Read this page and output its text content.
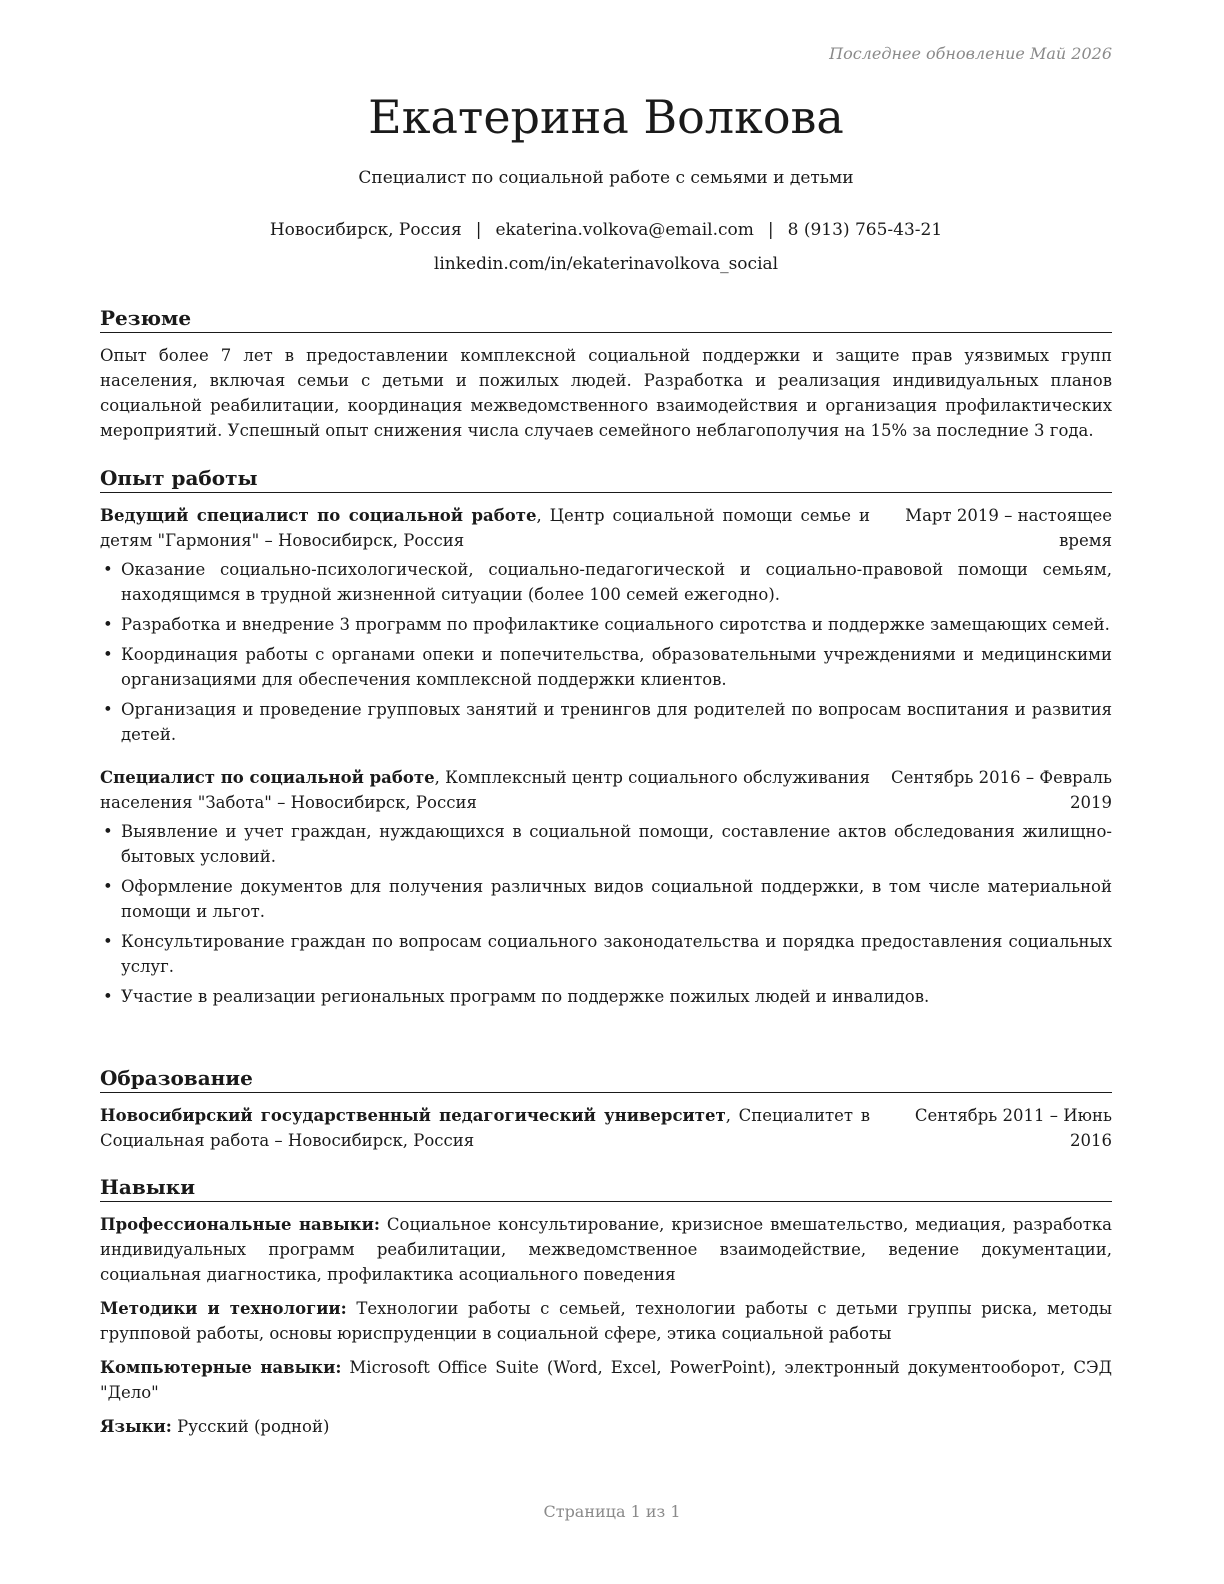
Последнее обновление Май 2026
Екатерина Волкова
Специалист по социальной работе с семьями и детьми
Новосибирск, Россия | ekaterina.volkova@email.com | 8 (913) 765-43-21
linkedin.com/in/ekaterinavolkova_social
Резюме

Опыт более 7 лет в предоставлении комплексной социальной поддержки и защите прав уязвимых групп населения, включая семьи с детьми и пожилых людей. Разработка и реализация индивидуальных планов социальной реабилитации, координация межведомственного взаимодействия и организация профилактических мероприятий. Успешный опыт снижения числа случаев семейного неблагополучия на 15% за последние 3 года.

Опыт работы
Ведущий специалист по социальной работе, Центр социальной помощи семье и детям "Гармония" – Новосибирск, Россия
Март 2019 – настоящее время
• Оказание социально-психологической, социально-педагогической и социально-правовой помощи семьям, находящимся в трудной жизненной ситуации (более 100 семей ежегодно).
• Разработка и внедрение 3 программ по профилактике социального сиротства и поддержке замещающих семей.
• Координация работы с органами опеки и попечительства, образовательными учреждениями и медицинскими организациями для обеспечения комплексной поддержки клиентов.
• Организация и проведение групповых занятий и тренингов для родителей по вопросам воспитания и развития детей.
Специалист по социальной работе, Комплексный центр социального обслуживания населения "Забота" – Новосибирск, Россия
Сентябрь 2016 – Февраль 2019
• Выявление и учет граждан, нуждающихся в социальной помощи, составление актов обследования жилищно-бытовых условий.
• Оформление документов для получения различных видов социальной поддержки, в том числе материальной помощи и льгот.
• Консультирование граждан по вопросам социального законодательства и порядка предоставления социальных услуг.
• Участие в реализации региональных программ по поддержке пожилых людей и инвалидов.
Образование
Новосибирский государственный педагогический университет, Специалитет в Социальная работа – Новосибирск, Россия
Сентябрь 2011 – Июнь 2016
Навыки
Профессиональные навыки: Социальное консультирование, кризисное вмешательство, медиация, разработка индивидуальных программ реабилитации, межведомственное взаимодействие, ведение документации, социальная диагностика, профилактика асоциального поведения
Методики и технологии: Технологии работы с семьей, технологии работы с детьми группы риска, методы групповой работы, основы юриспруденции в социальной сфере, этика социальной работы
Компьютерные навыки: Microsoft Office Suite (Word, Excel, PowerPoint), электронный документооборот, СЭД "Дело"
Языки: Русский (родной)
Страница 1 из 1
